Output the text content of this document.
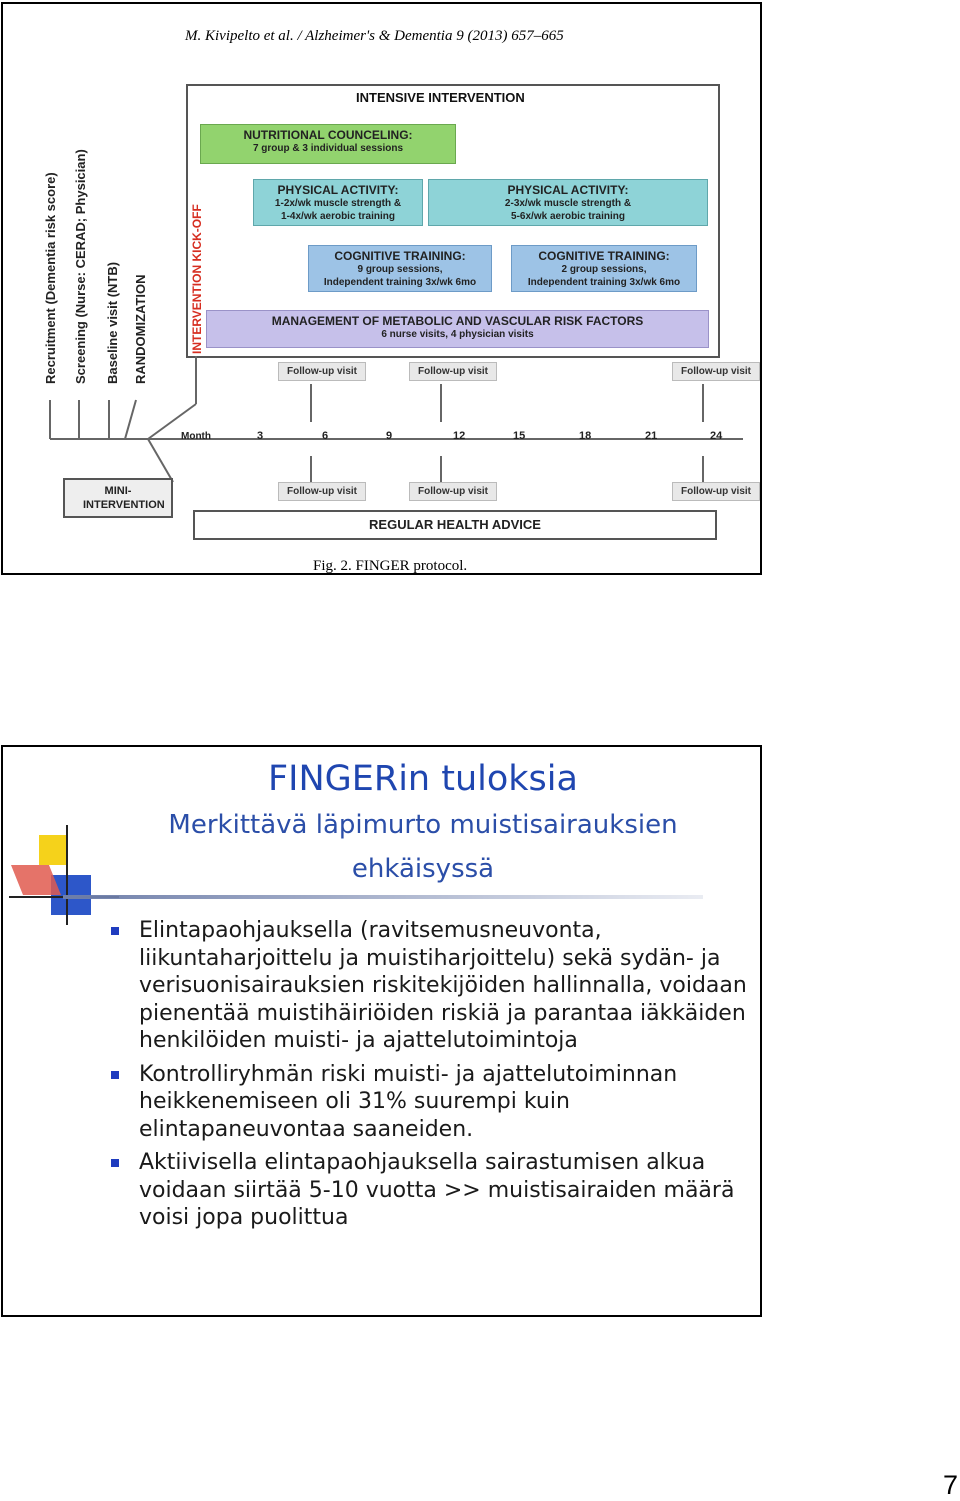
M. Kivipelto et al. / Alzheimer's & Dementia 9 (2013) 657–665
INTENSIVE INTERVENTION
NUTRITIONAL COUNCELING:
7 group & 3 individual sessions
PHYSICAL ACTIVITY:
1-2x/wk muscle strength &
1-4x/wk aerobic training
PHYSICAL ACTIVITY:
2-3x/wk muscle strength &
5-6x/wk aerobic training
COGNITIVE TRAINING:
9 group sessions,
Independent training 3x/wk 6mo
COGNITIVE TRAINING:
2 group sessions,
Independent training 3x/wk 6mo
MANAGEMENT OF METABOLIC AND VASCULAR RISK FACTORS
6 nurse visits, 4 physician visits
Follow-up visit	Follow-up visit	Follow-up visit
Recruitment (Dementia risk score) Screening (Nurse: CERAD; Physician) Baseline visit (NTB) RANDOMIZATION	INTERVENTION KICK-OFF
Month	3	6	9	12	15	18	21	24
Follow-up visit	Follow-up visit	Follow-up visit
MINI-INTERVENTION
REGULAR HEALTH ADVICE
Fig. 2. FINGER protocol.
FINGERin tuloksia
Merkittävä läpimurto muistisairauksien
ehkäisyssä
Elintapaohjauksella (ravitsemusneuvonta, liikuntaharjoittelu ja muistiharjoittelu) sekä sydän- ja verisuonisairauksien riskitekijöiden hallinnalla, voidaan pienentää muistihäiriöiden riskiä ja parantaa iäkkäiden henkilöiden muisti- ja ajattelutoimintoja
Kontrolliryhmän riski muisti- ja ajattelutoiminnan heikkenemiseen oli 31% suurempi kuin elintapaneuvontaa saaneiden.
Aktiivisella elintapaohjauksella sairastumisen alkua voidaan siirtää 5-10 vuotta >> muistisairaiden määrä voisi jopa puolittua
7
